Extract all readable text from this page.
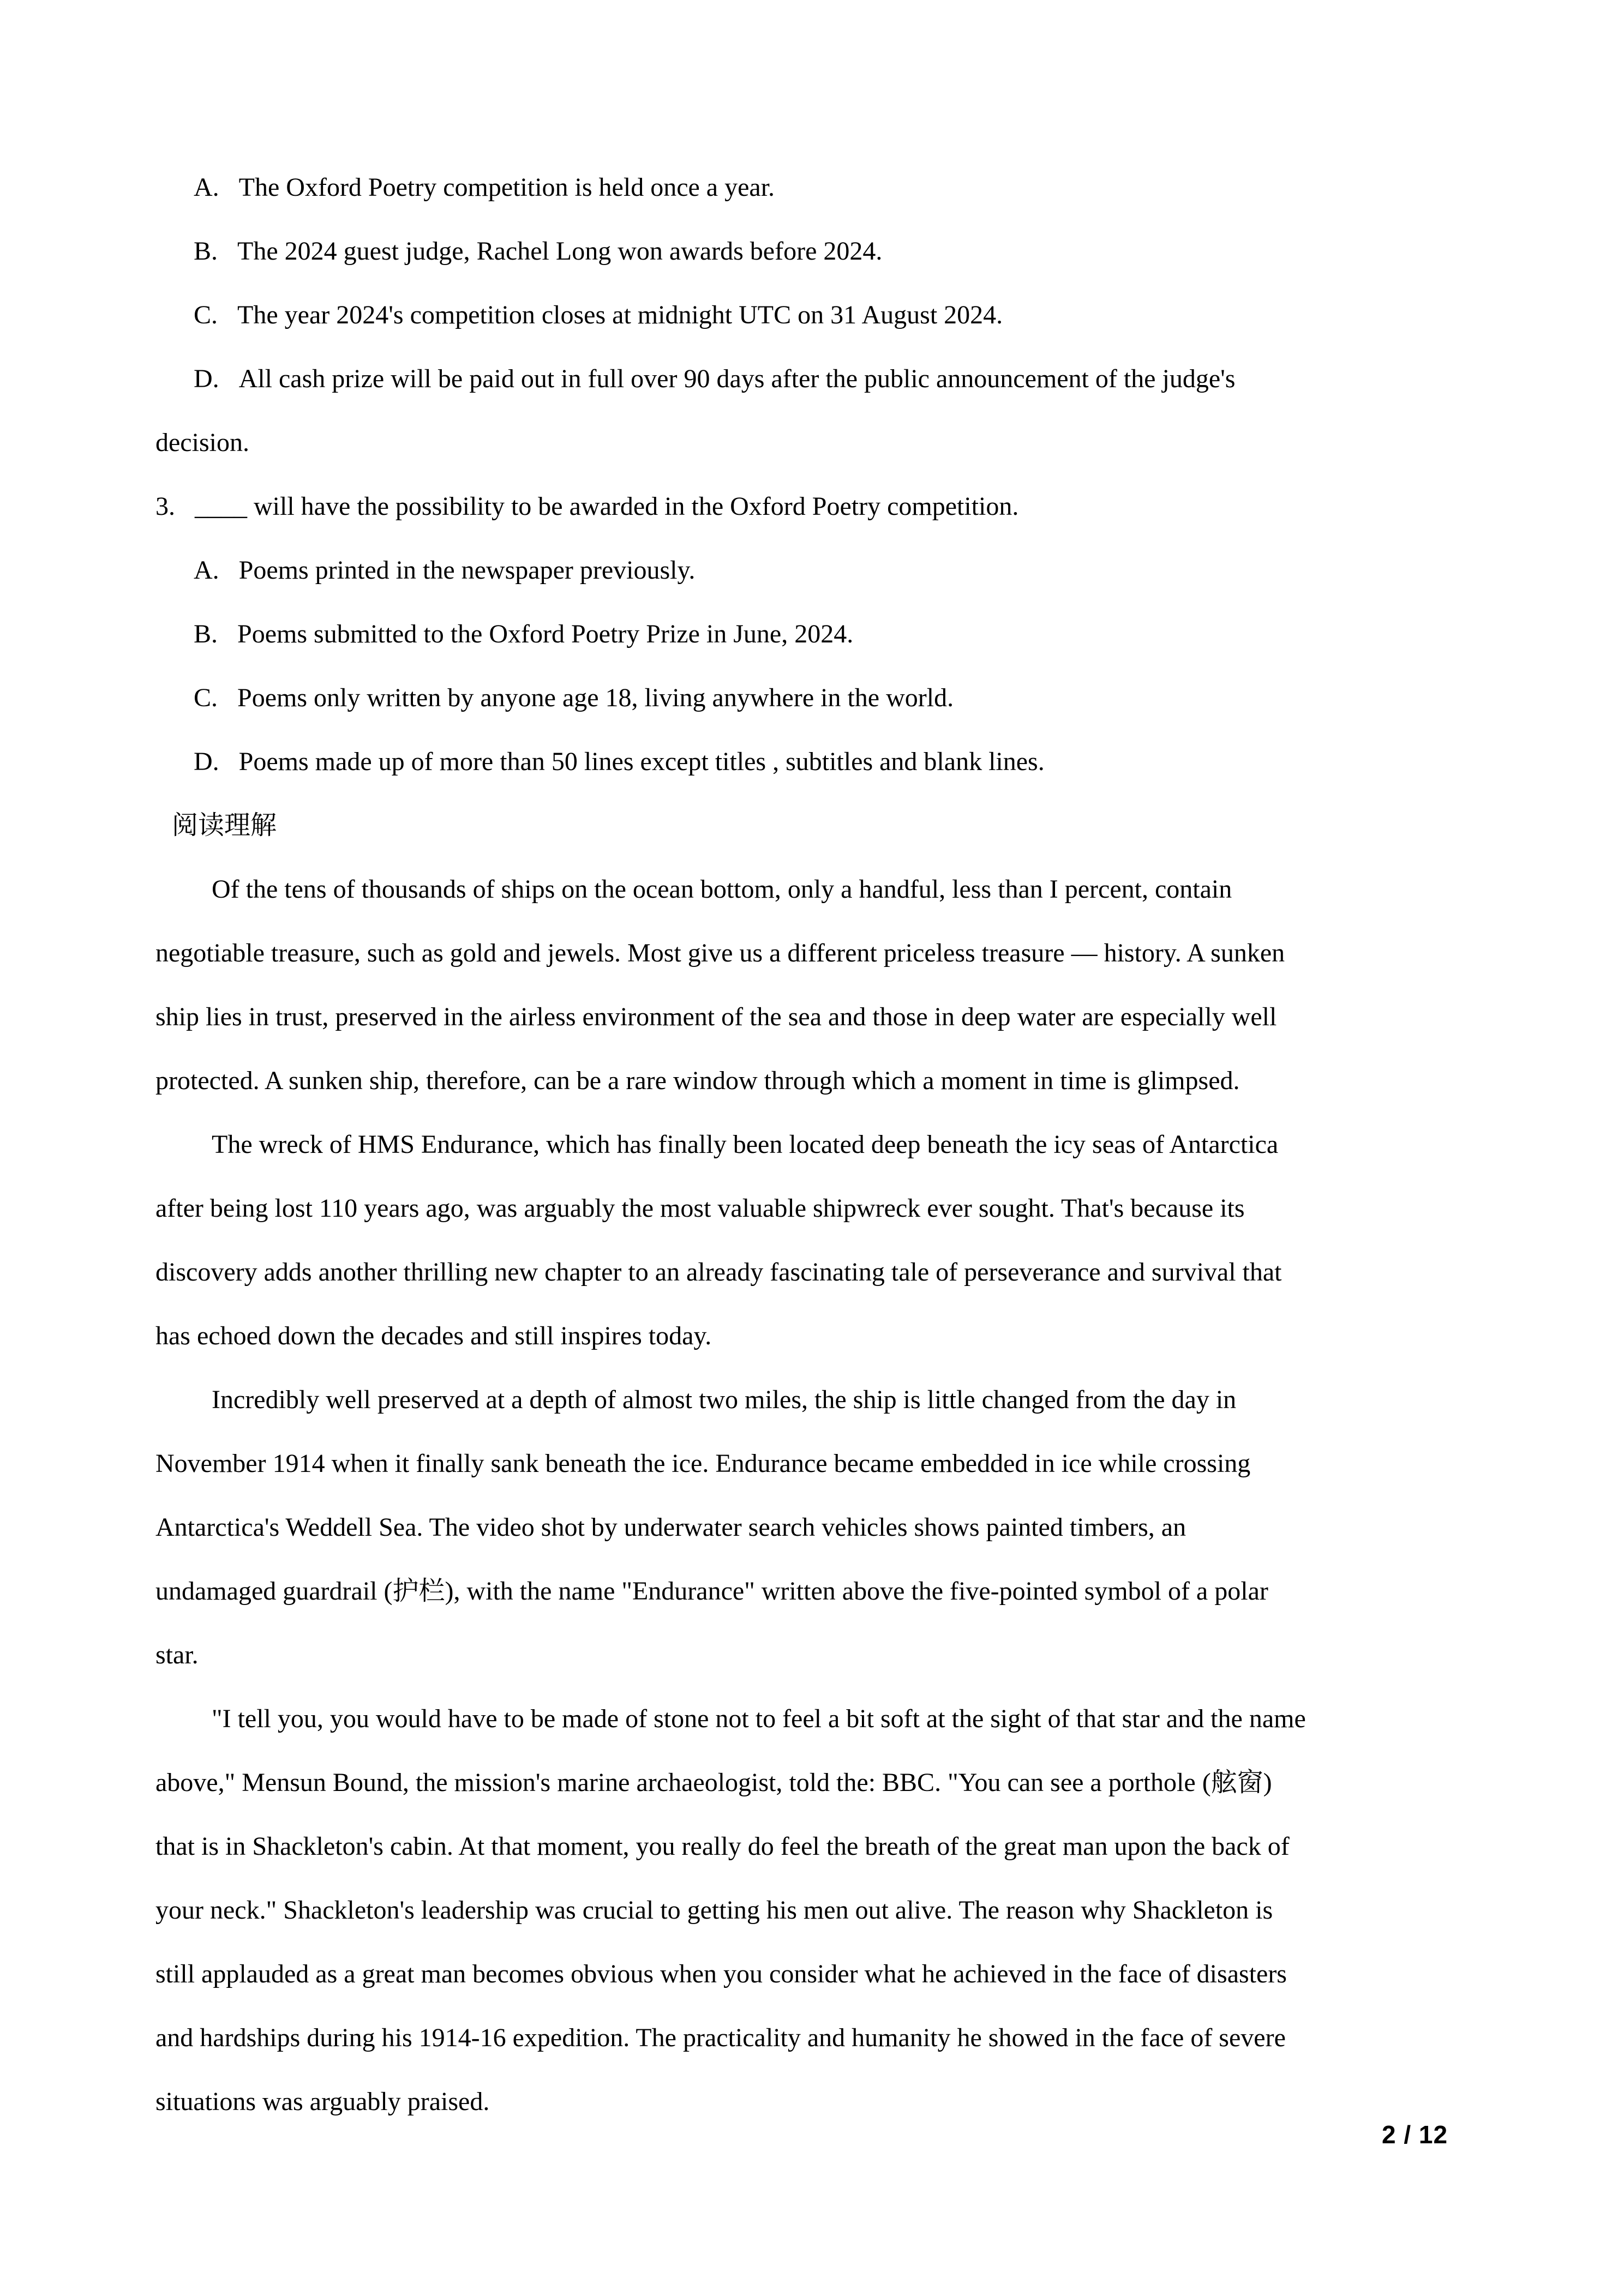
A.   The Oxford Poetry competition is held once a year.
B.   The 2024 guest judge, Rachel Long won awards before 2024.
C.   The year 2024's competition closes at midnight UTC on 31 August 2024.
D.   All cash prize will be paid out in full over 90 days after the public announcement of the judge's
decision.
3.   ____ will have the possibility to be awarded in the Oxford Poetry competition.
A.   Poems printed in the newspaper previously.
B.   Poems submitted to the Oxford Poetry Prize in June, 2024.
C.   Poems only written by anyone age 18, living anywhere in the world.
D.   Poems made up of more than 50 lines except titles , subtitles and blank lines.
阅读理解
Of the tens of thousands of ships on the ocean bottom, only a handful, less than I percent, contain
negotiable treasure, such as gold and jewels. Most give us a different priceless treasure — history. A sunken
ship lies in trust, preserved in the airless environment of the sea and those in deep water are especially well
protected. A sunken ship, therefore, can be a rare window through which a moment in time is glimpsed.
The wreck of HMS Endurance, which has finally been located deep beneath the icy seas of Antarctica
after being lost 110 years ago, was arguably the most valuable shipwreck ever sought. That's because its
discovery adds another thrilling new chapter to an already fascinating tale of perseverance and survival that
has echoed down the decades and still inspires today.
Incredibly well preserved at a depth of almost two miles, the ship is little changed from the day in
November 1914 when it finally sank beneath the ice. Endurance became embedded in ice while crossing
Antarctica's Weddell Sea. The video shot by underwater search vehicles shows painted timbers, an
undamaged guardrail (护栏), with the name "Endurance" written above the five-pointed symbol of a polar
star.
"I tell you, you would have to be made of stone not to feel a bit soft at the sight of that star and the name
above," Mensun Bound, the mission's marine archaeologist, told the: BBC. "You can see a porthole (舷窗)
that is in Shackleton's cabin. At that moment, you really do feel the breath of the great man upon the back of
your neck." Shackleton's leadership was crucial to getting his men out alive. The reason why Shackleton is
still applauded as a great man becomes obvious when you consider what he achieved in the face of disasters
and hardships during his 1914-16 expedition. The practicality and humanity he showed in the face of severe
situations was arguably praised.
2 / 12
